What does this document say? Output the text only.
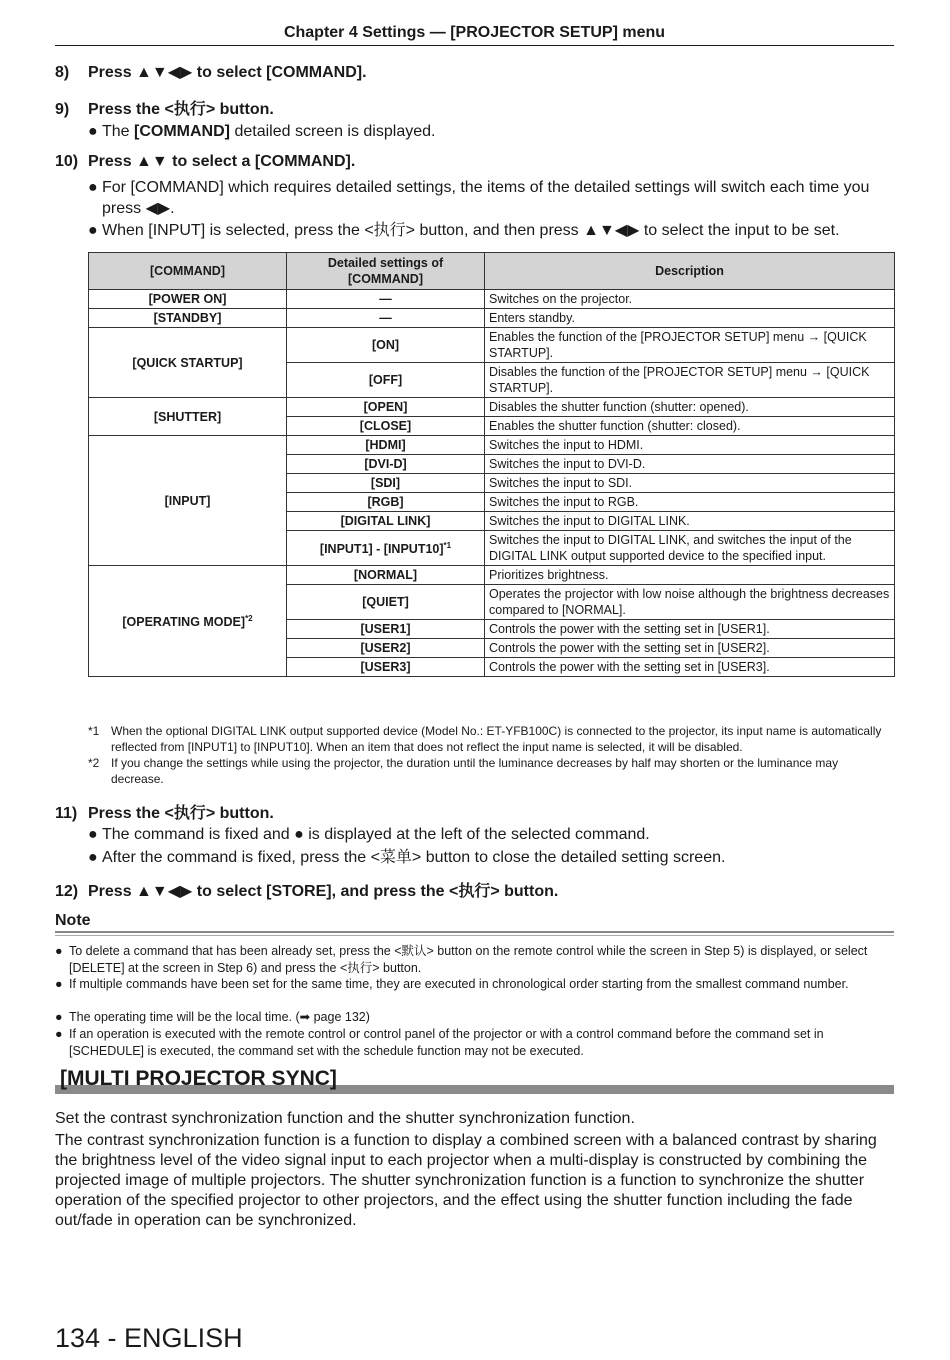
Chapter 4 Settings — [PROJECTOR SETUP] menu
8) Press ▲▼◀▶ to select [COMMAND].
9) Press the <执行> button.
● The [COMMAND] detailed screen is displayed.
10) Press ▲▼ to select a [COMMAND].
● For [COMMAND] which requires detailed settings, the items of the detailed settings will switch each time you press ◀▶.
● When [INPUT] is selected, press the <执行> button, and then press ▲▼◀▶ to select the input to be set.
[COMMAND]	Detailed settings of [COMMAND]	Description
[POWER ON]	—	Switches on the projector.
[STANDBY]	—	Enters standby.
[QUICK STARTUP]	[ON]	Enables the function of the [PROJECTOR SETUP] menu → [QUICK STARTUP].
	[OFF]	Disables the function of the [PROJECTOR SETUP] menu → [QUICK STARTUP].
[SHUTTER]	[OPEN]	Disables the shutter function (shutter: opened).
	[CLOSE]	Enables the shutter function (shutter: closed).
[INPUT]	[HDMI]	Switches the input to HDMI.
	[DVI-D]	Switches the input to DVI-D.
	[SDI]	Switches the input to SDI.
	[RGB]	Switches the input to RGB.
	[DIGITAL LINK]	Switches the input to DIGITAL LINK.
	[INPUT1] - [INPUT10]$^{*1}$	Switches the input to DIGITAL LINK, and switches the input of the DIGITAL LINK output supported device to the specified input.
[OPERATING MODE]$^{*2}$	[NORMAL]	Prioritizes brightness.
	[QUIET]	Operates the projector with low noise although the brightness decreases compared to [NORMAL].
	[USER1]	Controls the power with the setting set in [USER1].
	[USER2]	Controls the power with the setting set in [USER2].
	[USER3]	Controls the power with the setting set in [USER3].
*1 When the optional DIGITAL LINK output supported device (Model No.: ET-YFB100C) is connected to the projector, its input name is automatically reflected from [INPUT1] to [INPUT10]. When an item that does not reflect the input name is selected, it will be disabled.
*2 If you change the settings while using the projector, the duration until the luminance decreases by half may shorten or the luminance may decrease.
11) Press the <执行> button.
● The command is fixed and ● is displayed at the left of the selected command.
● After the command is fixed, press the <菜单> button to close the detailed setting screen.
12) Press ▲▼◀▶ to select [STORE], and press the <执行> button.
Note
● To delete a command that has been already set, press the <默认> button on the remote control while the screen in Step 5) is displayed, or select [DELETE] at the screen in Step 6) and press the <执行> button.
● If multiple commands have been set for the same time, they are executed in chronological order starting from the smallest command number.
● The operating time will be the local time. (➡ page 132)
● If an operation is executed with the remote control or control panel of the projector or with a control command before the command set in [SCHEDULE] is executed, the command set with the schedule function may not be executed.
[MULTI PROJECTOR SYNC]
Set the contrast synchronization function and the shutter synchronization function.
The contrast synchronization function is a function to display a combined screen with a balanced contrast by sharing the brightness level of the video signal input to each projector when a multi-display is constructed by combining the projected image of multiple projectors. The shutter synchronization function is a function to synchronize the shutter operation of the specified projector to other projectors, and the effect using the shutter function including the fade out/fade in operation can be synchronized.
134 - ENGLISH
